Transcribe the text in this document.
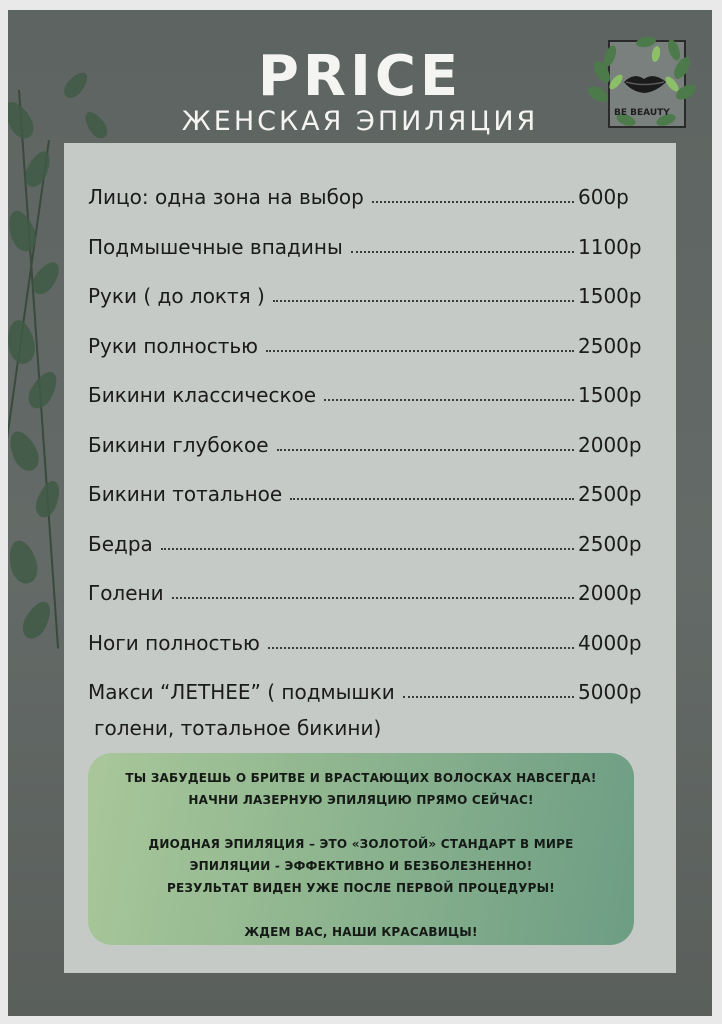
PRICE
ЖЕНСКАЯ ЭПИЛЯЦИЯ	BE BEAUTY
Лицо: одна зона на выбор	600р
Подмышечные впадины	1100р
Руки ( до локтя )	1500р
Руки полностью	2500р
Бикини классическое	1500р
Бикини глубокое	2000р
Бикини тотальное	2500р
Бедра	2500р
Голени	2000р
Ноги полностью	4000р
Макси “ЛЕТНЕЕ” ( подмышки	5000р
голени, тотальное бикини)
ТЫ ЗАБУДЕШЬ О БРИТВЕ И ВРАСТАЮЩИХ ВОЛОСКАХ НАВСЕГДА!
НАЧНИ ЛАЗЕРНУЮ ЭПИЛЯЦИЮ ПРЯМО СЕЙЧАС!
ДИОДНАЯ ЭПИЛЯЦИЯ – ЭТО «ЗОЛОТОЙ» СТАНДАРТ В МИРЕ
ЭПИЛЯЦИИ - ЭФФЕКТИВНО И БЕЗБОЛЕЗНЕННО!
РЕЗУЛЬТАТ ВИДЕН УЖЕ ПОСЛЕ ПЕРВОЙ ПРОЦЕДУРЫ!
ЖДЕМ ВАС, НАШИ КРАСАВИЦЫ!
